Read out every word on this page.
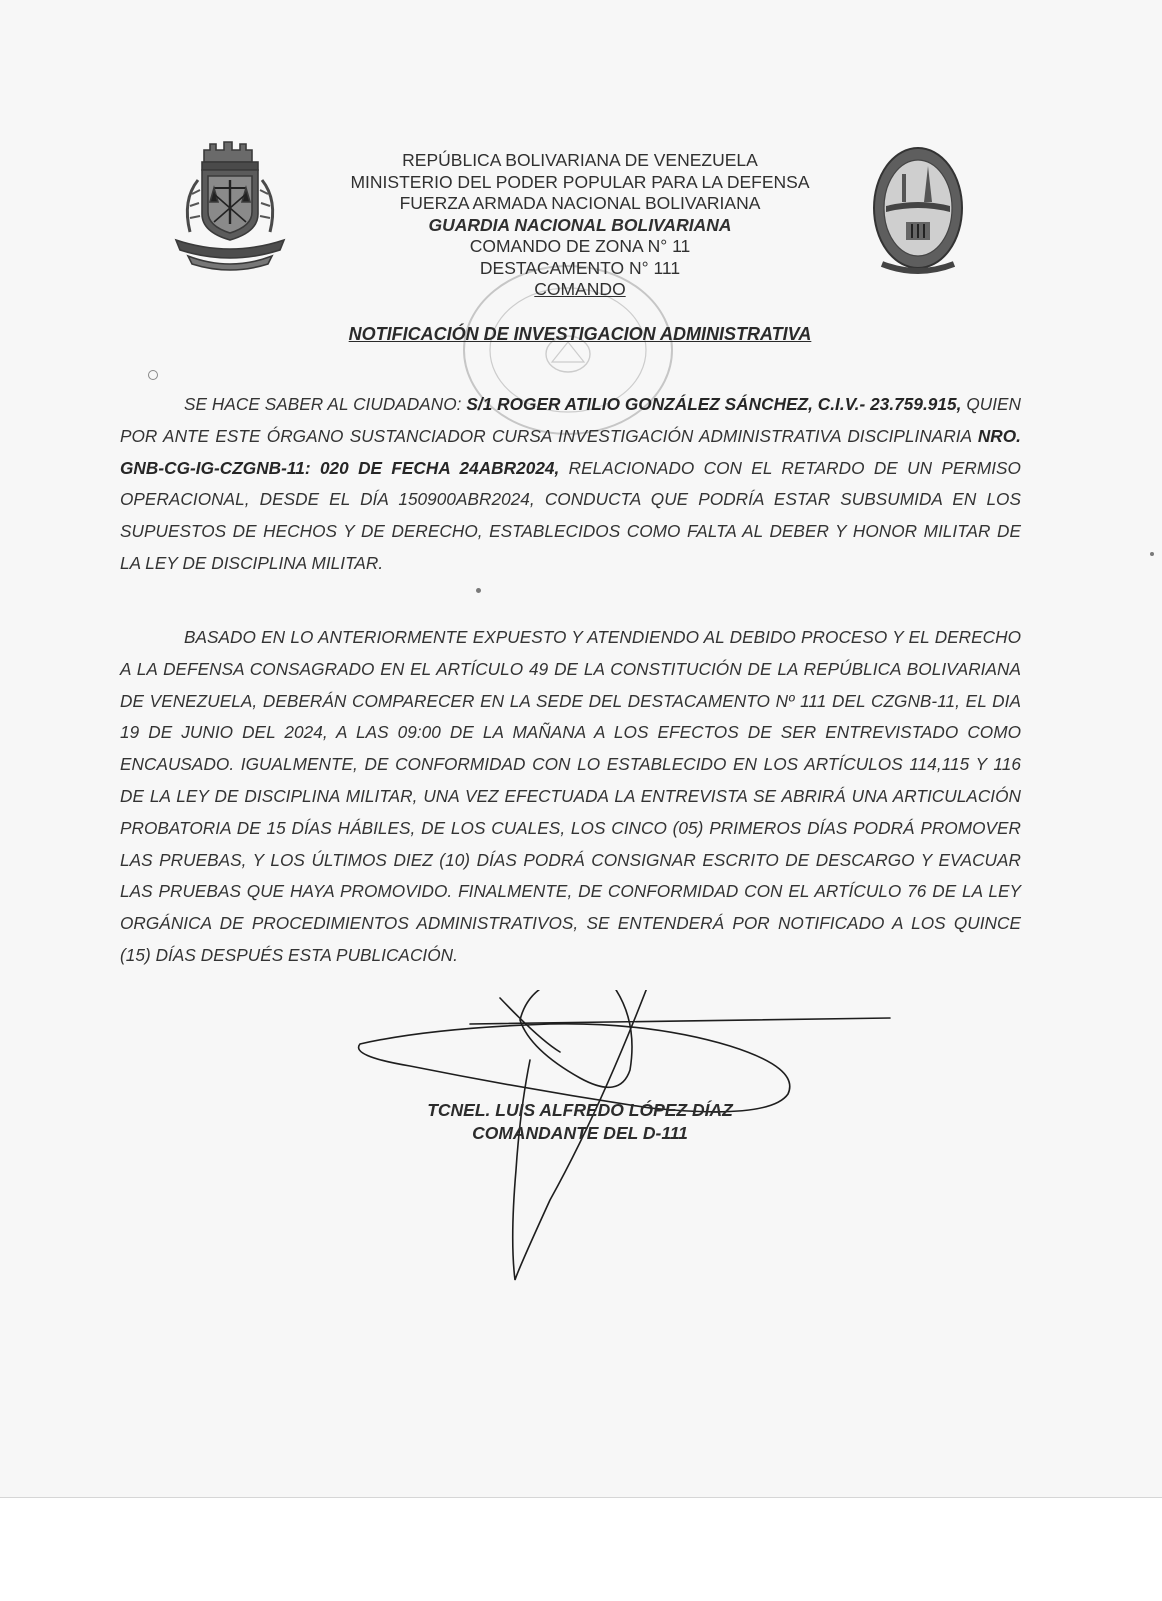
REPÚBLICA BOLIVARIANA DE VENEZUELA
MINISTERIO DEL PODER POPULAR PARA LA DEFENSA
FUERZA ARMADA NACIONAL BOLIVARIANA
GUARDIA NACIONAL BOLIVARIANA
COMANDO DE ZONA N° 11
DESTACAMENTO N° 111
COMANDO
NOTIFICACIÓN DE INVESTIGACION ADMINISTRATIVA
SE HACE SABER AL CIUDADANO: S/1 ROGER ATILIO GONZÁLEZ SÁNCHEZ, C.I.V.- 23.759.915, QUIEN POR ANTE ESTE ÓRGANO SUSTANCIADOR CURSA INVESTIGACIÓN ADMINISTRATIVA DISCIPLINARIA NRO. GNB-CG-IG-CZGNB-11: 020 DE FECHA 24ABR2024, RELACIONADO CON EL RETARDO DE UN PERMISO OPERACIONAL, DESDE EL DÍA 150900ABR2024, CONDUCTA QUE PODRÍA ESTAR SUBSUMIDA EN LOS SUPUESTOS DE HECHOS Y DE DERECHO, ESTABLECIDOS COMO FALTA AL DEBER Y HONOR MILITAR DE LA LEY DE DISCIPLINA MILITAR.
BASADO EN LO ANTERIORMENTE EXPUESTO Y ATENDIENDO AL DEBIDO PROCESO Y EL DERECHO A LA DEFENSA CONSAGRADO EN EL ARTÍCULO 49 DE LA CONSTITUCIÓN DE LA REPÚBLICA BOLIVARIANA DE VENEZUELA, DEBERÁN COMPARECER EN LA SEDE DEL DESTACAMENTO Nº 111 DEL CZGNB-11, EL DIA 19 DE JUNIO DEL 2024, A LAS 09:00 DE LA MAÑANA A LOS EFECTOS DE SER ENTREVISTADO COMO ENCAUSADO. IGUALMENTE, DE CONFORMIDAD CON LO ESTABLECIDO EN LOS ARTÍCULOS 114,115 Y 116 DE LA LEY DE DISCIPLINA MILITAR, UNA VEZ EFECTUADA LA ENTREVISTA SE ABRIRÁ UNA ARTICULACIÓN PROBATORIA DE 15 DÍAS HÁBILES, DE LOS CUALES, LOS CINCO (05) PRIMEROS DÍAS PODRÁ PROMOVER LAS PRUEBAS, Y LOS ÚLTIMOS DIEZ (10) DÍAS PODRÁ CONSIGNAR ESCRITO DE DESCARGO Y EVACUAR LAS PRUEBAS QUE HAYA PROMOVIDO. FINALMENTE, DE CONFORMIDAD CON EL ARTÍCULO 76 DE LA LEY ORGÁNICA DE PROCEDIMIENTOS ADMINISTRATIVOS, SE ENTENDERÁ POR NOTIFICADO A LOS QUINCE (15) DÍAS DESPUÉS ESTA PUBLICACIÓN.
TCNEL. LUIS ALFREDO LÓPEZ DÍAZ
COMANDANTE DEL D-111
